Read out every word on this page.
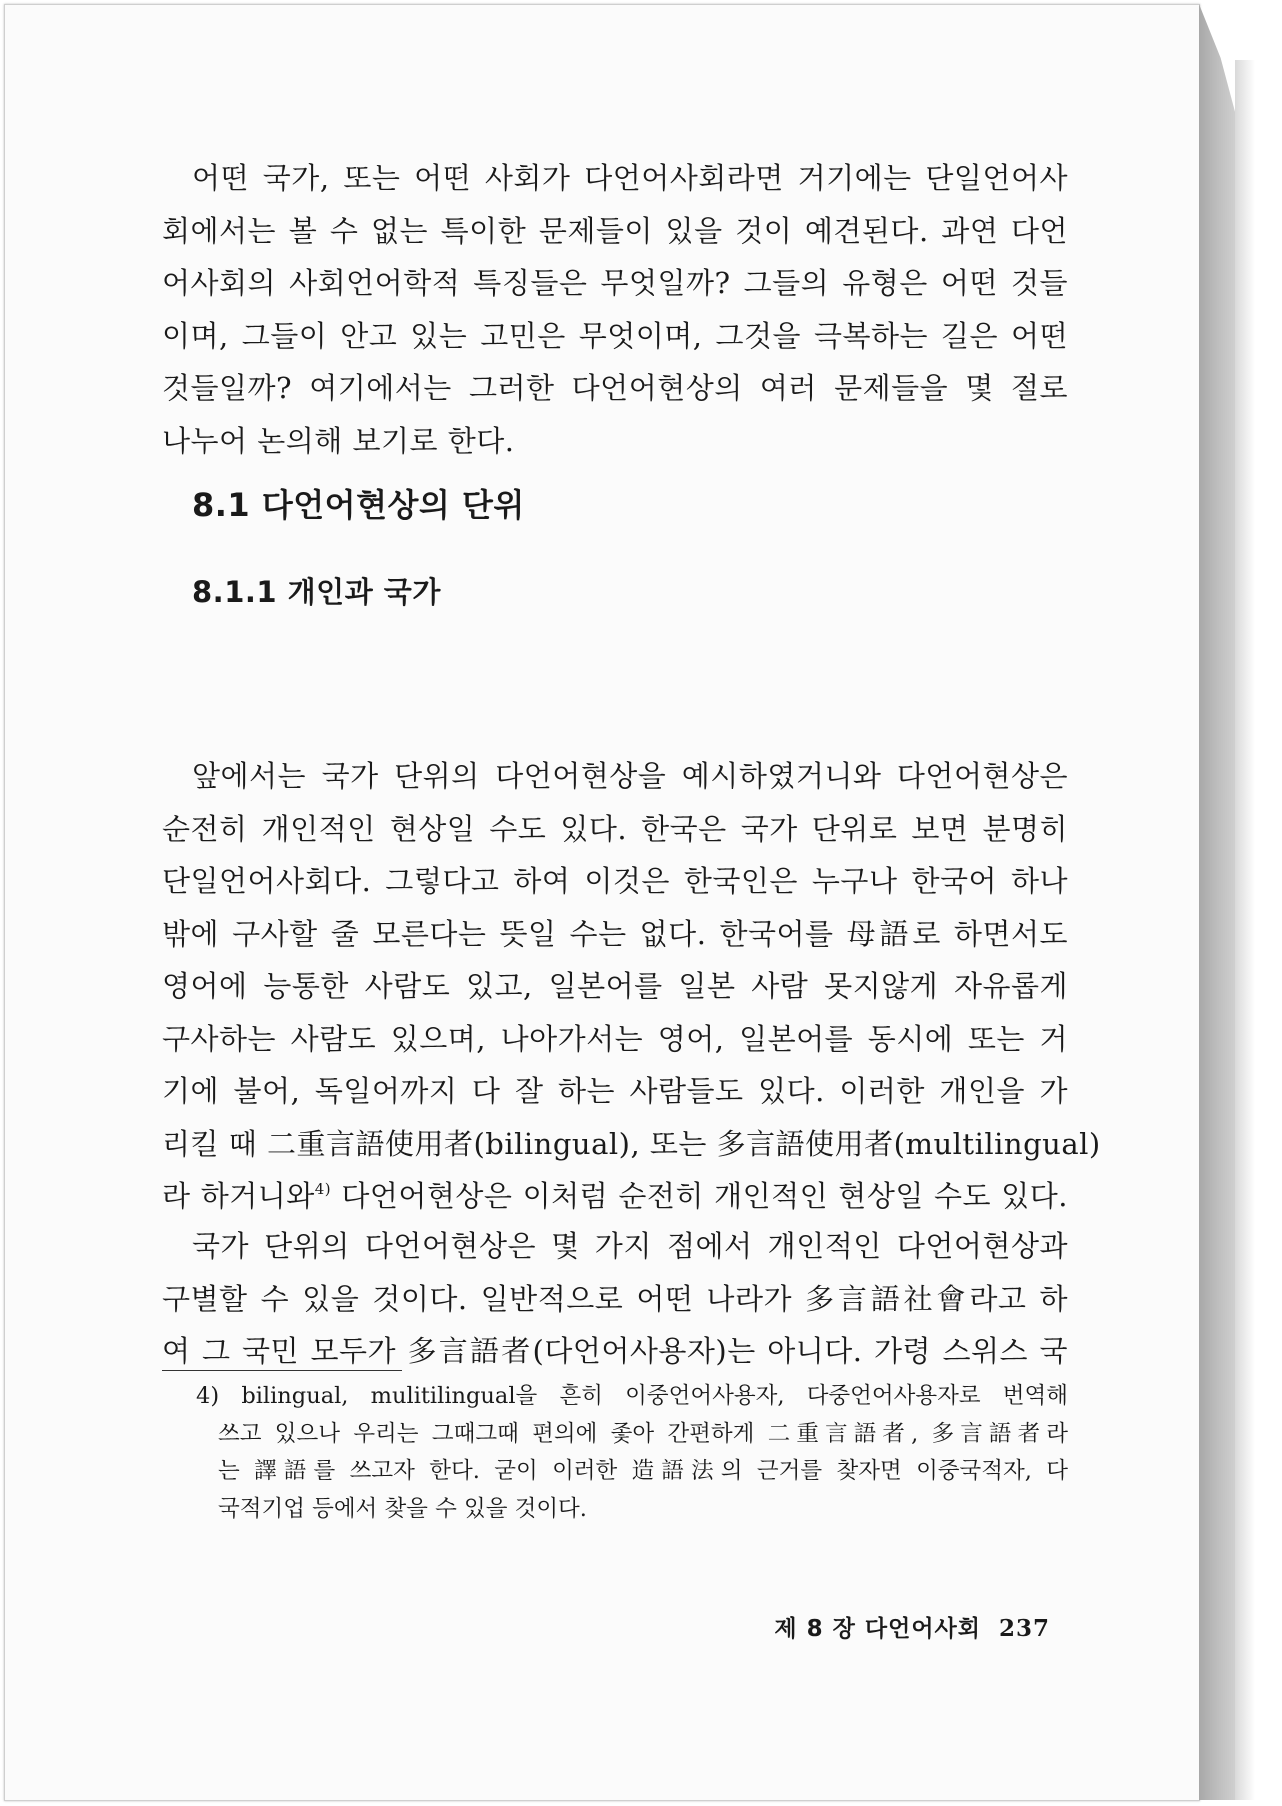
어떤 국가, 또는 어떤 사회가 다언어사회라면 거기에는 단일언어사
회에서는 볼 수 없는 특이한 문제들이 있을 것이 예견된다. 과연 다언
어사회의 사회언어학적 특징들은 무엇일까? 그들의 유형은 어떤 것들
이며, 그들이 안고 있는 고민은 무엇이며, 그것을 극복하는 길은 어떤
것들일까? 여기에서는 그러한 다언어현상의 여러 문제들을 몇 절로
나누어 논의해 보기로 한다.
8.1 다언어현상의 단위
8.1.1 개인과 국가
앞에서는 국가 단위의 다언어현상을 예시하였거니와 다언어현상은
순전히 개인적인 현상일 수도 있다. 한국은 국가 단위로 보면 분명히
단일언어사회다. 그렇다고 하여 이것은 한국인은 누구나 한국어 하나
밖에 구사할 줄 모른다는 뜻일 수는 없다. 한국어를 母語로 하면서도
영어에 능통한 사람도 있고, 일본어를 일본 사람 못지않게 자유롭게
구사하는 사람도 있으며, 나아가서는 영어, 일본어를 동시에 또는 거
기에 불어, 독일어까지 다 잘 하는 사람들도 있다. 이러한 개인을 가
리킬 때 二重言語使用者(bilingual), 또는 多言語使用者(multilingual)
라 하거니와$^{4)}$ 다언어현상은 이처럼 순전히 개인적인 현상일 수도 있다.
국가 단위의 다언어현상은 몇 가지 점에서 개인적인 다언어현상과
구별할 수 있을 것이다. 일반적으로 어떤 나라가 多言語社會라고 하
여 그 국민 모두가 多言語者(다언어사용자)는 아니다. 가령 스위스 국
4) bilingual, mulitilingual을 흔히 이중언어사용자, 다중언어사용자로 번역해
쓰고 있으나 우리는 그때그때 편의에 좇아 간편하게 二重言語者, 多言語者라
는 譯語를 쓰고자 한다. 굳이 이러한 造語法의 근거를 찾자면 이중국적자, 다
국적기업 등에서 찾을 수 있을 것이다.
제 8 장 다언어사회 237
